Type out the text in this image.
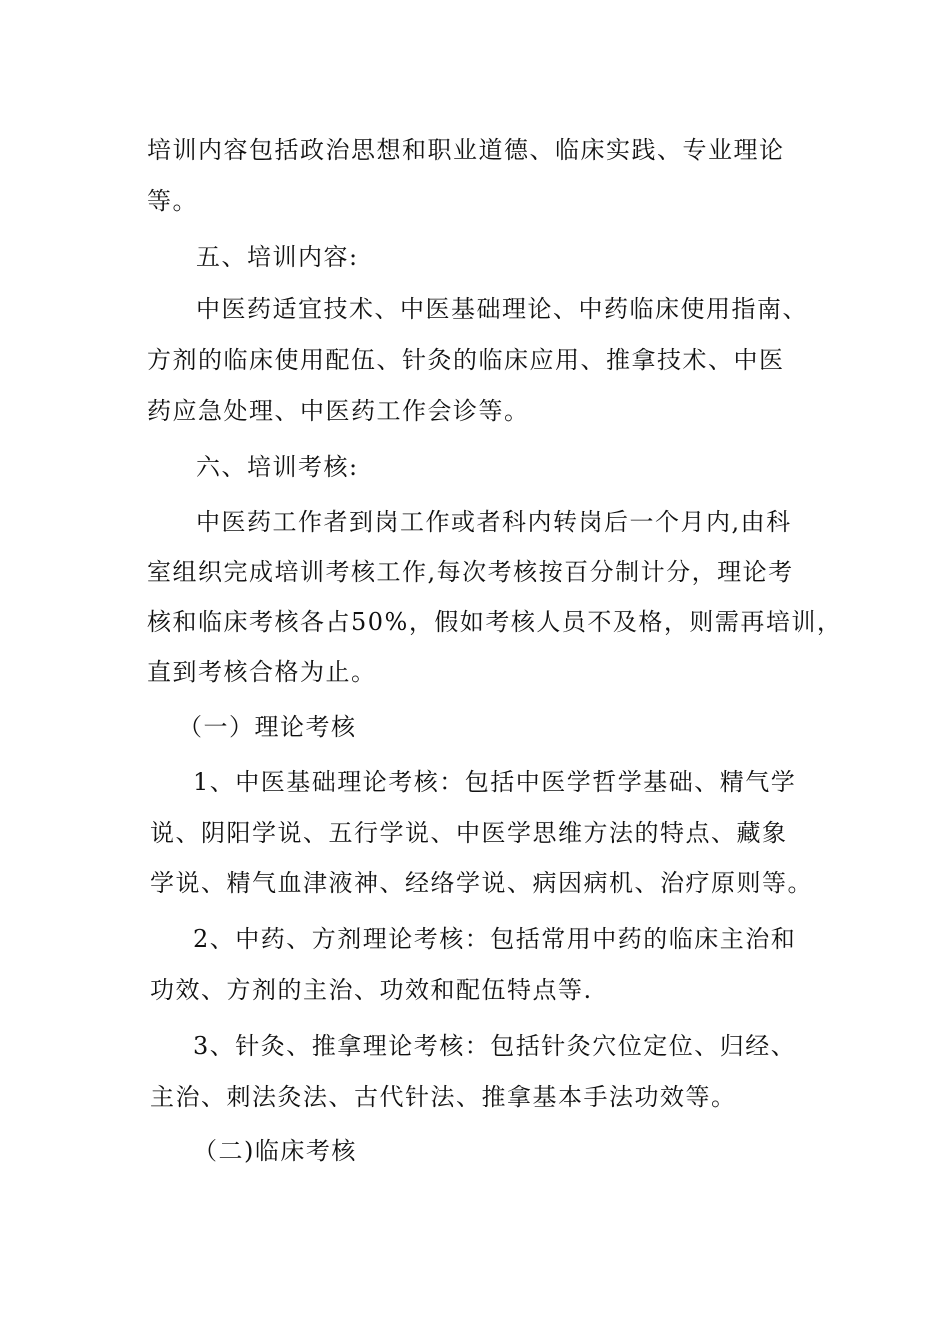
培训内容包括政治思想和职业道德、临床实践、专业理论
等。
五、培训内容:
中医药适宜技术、中医基础理论、中药临床使用指南、
方剂的临床使用配伍、针灸的临床应用、推拿技术、中医
药应急处理、中医药工作会诊等。
六、培训考核:
中医药工作者到岗工作或者科内转岗后一个月内,由科
室组织完成培训考核工作,每次考核按百分制计分，理论考
核和临床考核各占50%，假如考核人员不及格，则需再培训，
直到考核合格为止。
（一）理论考核
1、中医基础理论考核：包括中医学哲学基础、精气学
说、阴阳学说、五行学说、中医学思维方法的特点、藏象
学说、精气血津液神、经络学说、病因病机、治疗原则等。
2、中药、方剂理论考核：包括常用中药的临床主治和
功效、方剂的主治、功效和配伍特点等.
3、针灸、推拿理论考核：包括针灸穴位定位、归经、
主治、刺法灸法、古代针法、推拿基本手法功效等。
（二)临床考核
